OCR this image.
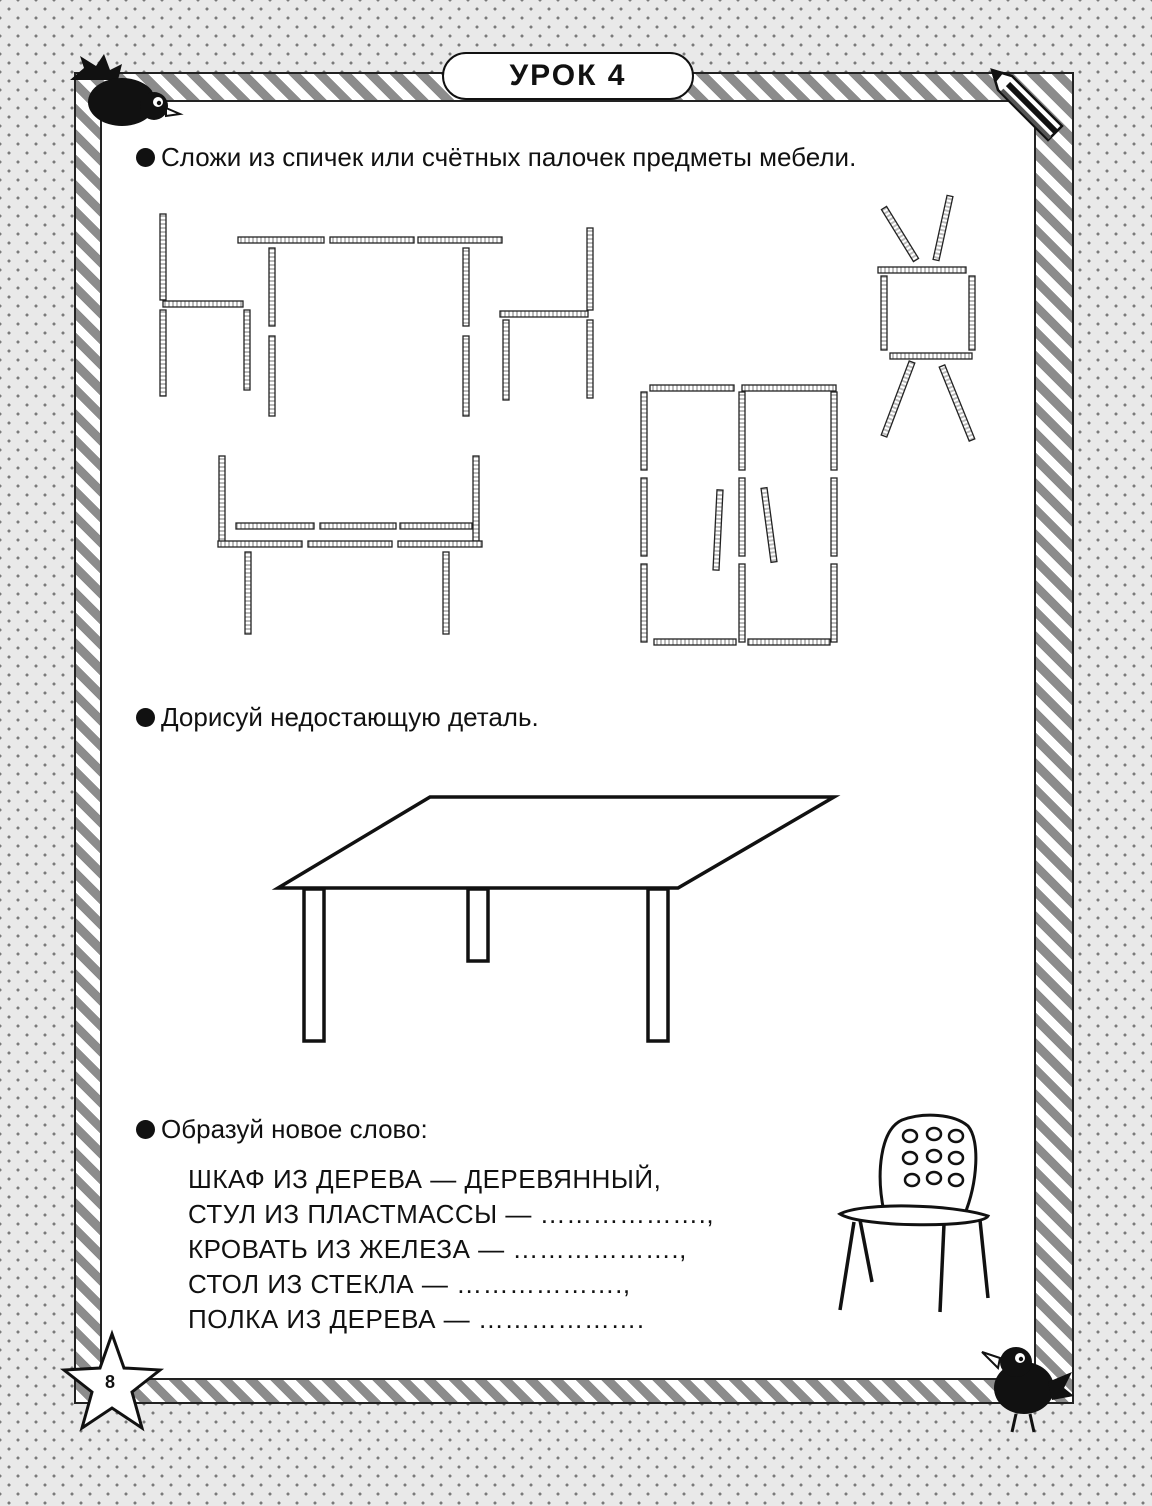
УРОК 4
Сложи из спичек или счётных палочек предметы мебели.
Дорисуй недостающую деталь.
Образуй новое слово:
ШКАФ ИЗ ДЕРЕВА — ДЕРЕВЯННЫЙ,
СТУЛ ИЗ ПЛАСТМАССЫ — ……………….,
КРОВАТЬ ИЗ ЖЕЛЕЗА — ……………….,
СТОЛ ИЗ СТЕКЛА — ……………….,
ПОЛКА ИЗ ДЕРЕВА — ……………….
8
